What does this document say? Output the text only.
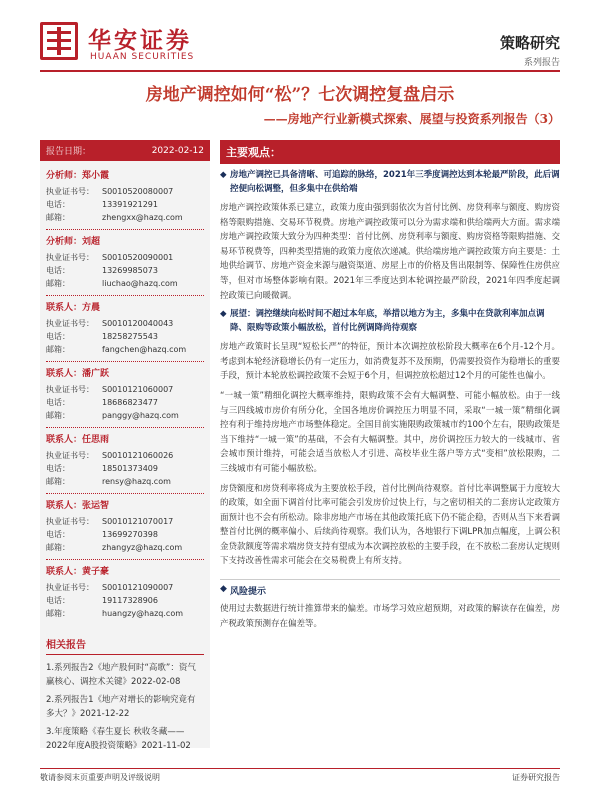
华安证券
HUAAN SECURITIES
策略研究
系列报告
房地产调控如何“松”？七次调控复盘启示
——房地产行业新模式探索、展望与投资系列报告（3）
报告日期：	2022-02-12
分析师：郑小霞
执业证书号：	S0010520080007
电话：	13391921291
邮箱：	zhengxx@hazq.com
分析师：刘超
执业证书号：	S0010520090001
电话：	13269985073
邮箱：	liuchao@hazq.com
联系人：方晨
执业证书号：	S0010120040043
电话：	18258275543
邮箱：	fangchen@hazq.com
联系人：潘广跃
执业证书号：	S0010121060007
电话：	18686823477
邮箱：	panggy@hazq.com
联系人：任思雨
执业证书号：	S0010121060026
电话：	18501373409
邮箱：	rensy@hazq.com
联系人：张运智
执业证书号：	S0010121070017
电话：	13699270398
邮箱：	zhangyz@hazq.com
联系人：黄子豪
执业证书号：	S0010121090007
电话：	19117328906
邮箱：	huangzy@hazq.com
相关报告
1.系列报告2《地产股何时“高歌”：资气赢核心、调控术关键》2022-02-08
2.系列报告1《地产对增长的影响究竟有多大？》2021-12-22
3.年度策略《春生夏长 秋收冬藏——2022年度A股投资策略》2021-11-02
主要观点：
◆ 房地产调控已具备清晰、可追踪的脉络，2021年三季度调控达到本轮最严阶段，此后调控便向松调整，但多集中在供给端

房地产调控政策体系已建立，政策力度由强到弱依次为首付比例、房贷利率与额度、购房资格等限购措施、交易环节税费。房地产调控政策可以分为需求端和供给端两大方面。需求端房地产调控政策大致分为四种类型：首付比例、房贷利率与额度、购房资格等限购措施、交易环节税费等，四种类型措施的政策力度依次递减。供给端房地产调控政策方向主要是：土地供给调节、房地产资金来源与融资渠道、房屋上市的价格及售出限制等、保障性住房供应等，但对市场整体影响有限。2021年三季度达到本轮调控最严阶段，2021年四季度起调控政策已向暖微调。

◆ 展望：调控继续向松时间不超过本年底，举措以地方为主，多集中在贷款利率加点调降、限购等政策小幅放松，首付比例调降尚待观察

房地产政策时长呈现“短松长严”的特征，预计本次调控放松阶段大概率在6个月-12个月。考虑到本轮经济稳增长仍有一定压力，如消费复苏不及预期，仍需要投资作为稳增长的重要手段，预计本轮放松调控政策不会短于6个月，但调控放松超过12个月的可能性也偏小。

“一城一策”精细化调控大概率维持，限购政策不会有大幅调整、可能小幅放松。由于一线与三四线城市房价有所分化，全国各地房价调控压力明显不同，采取“一城一策”精细化调控有利于维持房地产市场整体稳定。全国目前实施限购政策城市约100个左右，限购政策是当下维持“一城一策”的基础，不会有大幅调整。其中，房价调控压力较大的一线城市、省会城市预计维持，可能会适当放松人才引进、高校毕业生落户等方式“变相”放松限购，二三线城市有可能小幅放松。

房贷额度和房贷利率将成为主要放松手段，首付比例尚待观察。首付比率调整属于力度较大的政策，如全面下调首付比率可能会引发房价过快上行，与之密切相关的二套房认定政策方面预计也不会有所松动。除非房地产市场在其他政策托底下仍不能企稳，否则从当下来看调整首付比例的概率偏小、后续尚待观察。我们认为，各地银行下调LPR加点幅度，上调公积金贷款额度等需求端房贷支持有望成为本次调控放松的主要手段，在不放松二套房认定规则下支持改善性需求可能会在交易税费上有所支持。

◆ 风险提示

使用过去数据进行统计推算带来的偏差。市场学习效应超预期，对政策的解读存在偏差，房产税政策预测存在偏差等。

敬请参阅末页重要声明及评级说明	证券研究报告
